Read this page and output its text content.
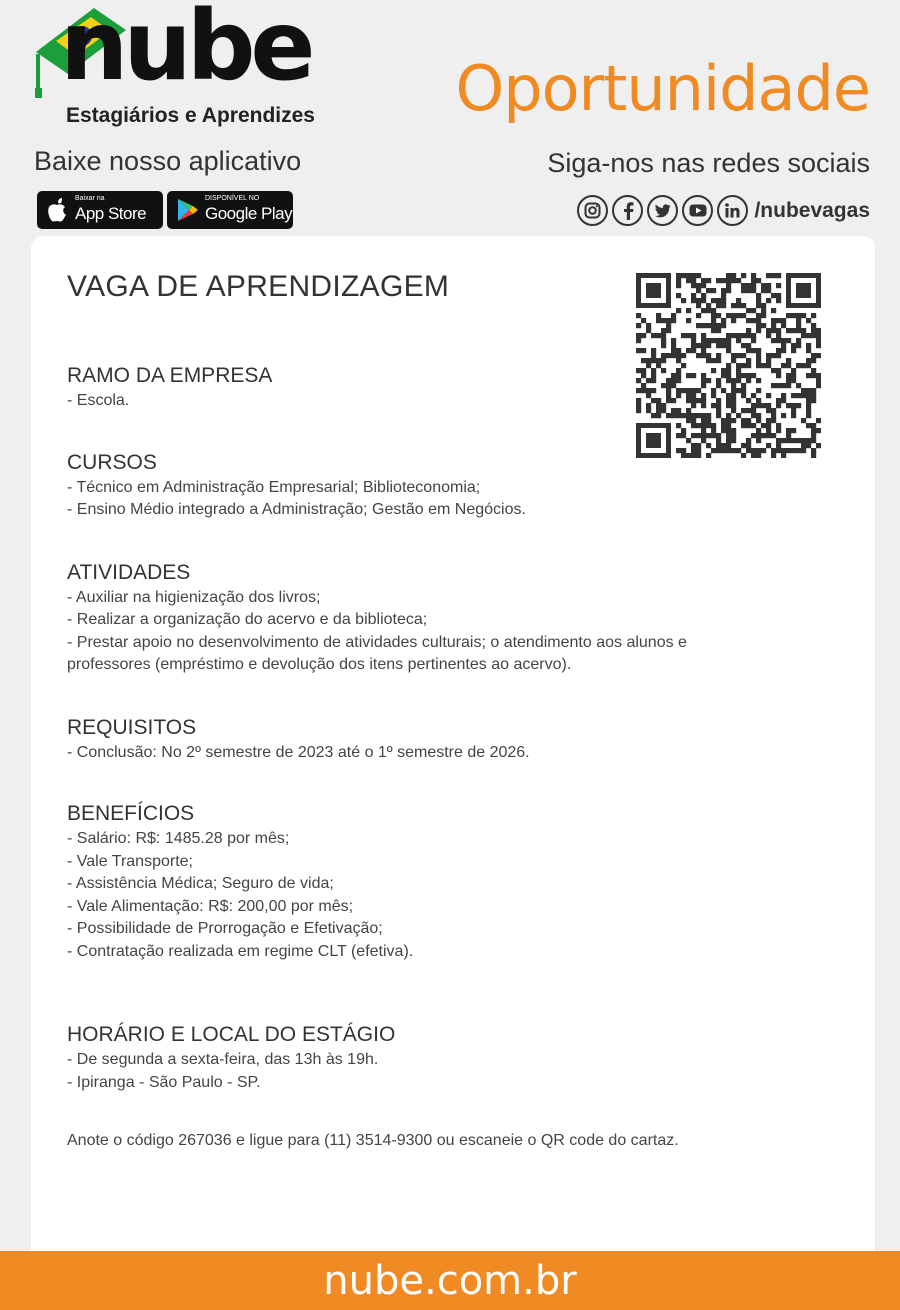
nube
Estagiários e Aprendizes Oportunidade
Baixe nosso aplicativo	Siga-nos nas redes sociais
Baixar na
App Store
DISPONÍVEL NO
Google Play	/nubevagas
VAGA DE APRENDIZAGEM
RAMO DA EMPRESA
- Escola.
CURSOS
- Técnico em Administração Empresarial; Biblioteconomia;
- Ensino Médio integrado a Administração; Gestão em Negócios.
ATIVIDADES
- Auxiliar na higienização dos livros;
- Realizar a organização do acervo e da biblioteca;
- Prestar apoio no desenvolvimento de atividades culturais; o atendimento aos alunos e
professores (empréstimo e devolução dos itens pertinentes ao acervo).
REQUISITOS
- Conclusão: No 2º semestre de 2023 até o 1º semestre de 2026.
BENEFÍCIOS
- Salário: R$: 1485.28 por mês;
- Vale Transporte;
- Assistência Médica; Seguro de vida;
- Vale Alimentação: R$: 200,00 por mês;
- Possibilidade de Prorrogação e Efetivação;
- Contratação realizada em regime CLT (efetiva).
HORÁRIO E LOCAL DO ESTÁGIO
- De segunda a sexta-feira, das 13h às 19h.
- Ipiranga - São Paulo - SP.
Anote o código 267036 e ligue para (11) 3514-9300 ou escaneie o QR code do cartaz.
nube.com.br
